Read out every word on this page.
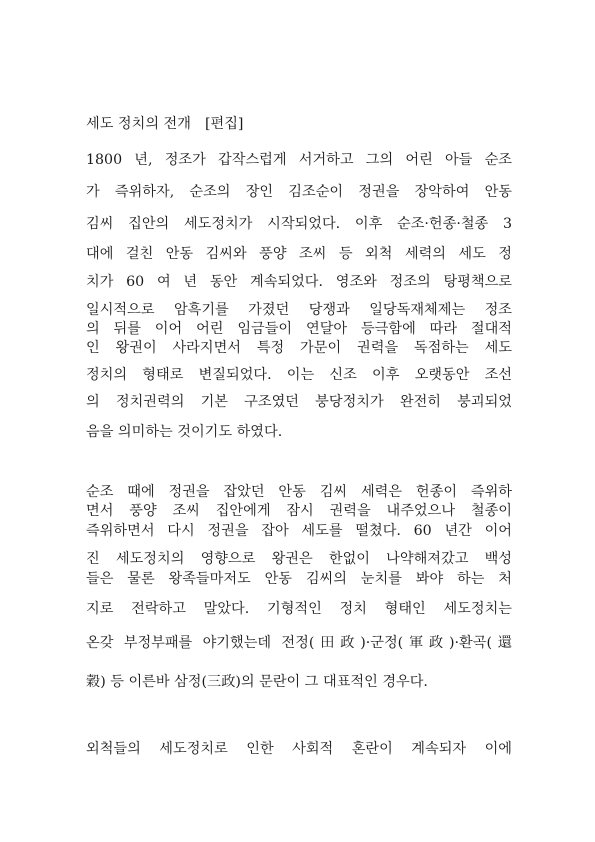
세도 정치의 전개 [편집]
1800 년, 정조가 갑작스럽게 서거하고 그의 어린 아들 순조
가 즉위하자, 순조의 장인 김조순이 정권을 장악하여 안동
김씨 집안의 세도정치가 시작되었다. 이후 순조·헌종·철종 3
대에 걸친 안동 김씨와 풍양 조씨 등 외척 세력의 세도 정
치가 60 여 년 동안 계속되었다. 영조와 정조의 탕평책으로
일시적으로 암흑기를 가졌던 당쟁과 일당독재체제는 정조
의 뒤를 이어 어린 임금들이 연달아 등극함에 따라 절대적
인 왕권이 사라지면서 특정 가문이 권력을 독점하는 세도
정치의 형태로 변질되었다. 이는 신조 이후 오랫동안 조선
의 정치권력의 기본 구조였던 붕당정치가 완전히 붕괴되었
음을 의미하는 것이기도 하였다.
순조 때에 정권을 잡았던 안동 김씨 세력은 헌종이 즉위하
면서 풍양 조씨 집안에게 잠시 권력을 내주었으나 철종이
즉위하면서 다시 정권을 잡아 세도를 떨쳤다. 60 년간 이어
진 세도정치의 영향으로 왕권은 한없이 나약해져갔고 백성
들은 물론 왕족들마저도 안동 김씨의 눈치를 봐야 하는 처
지로 전락하고 말았다. 기형적인 정치 형태인 세도정치는
온갖 부정부패를 야기했는데 전정(田政)·군정(軍政)·환곡(還
穀) 등 이른바 삼정(三政)의 문란이 그 대표적인 경우다.
외척들의 세도정치로 인한 사회적 혼란이 계속되자 이에
